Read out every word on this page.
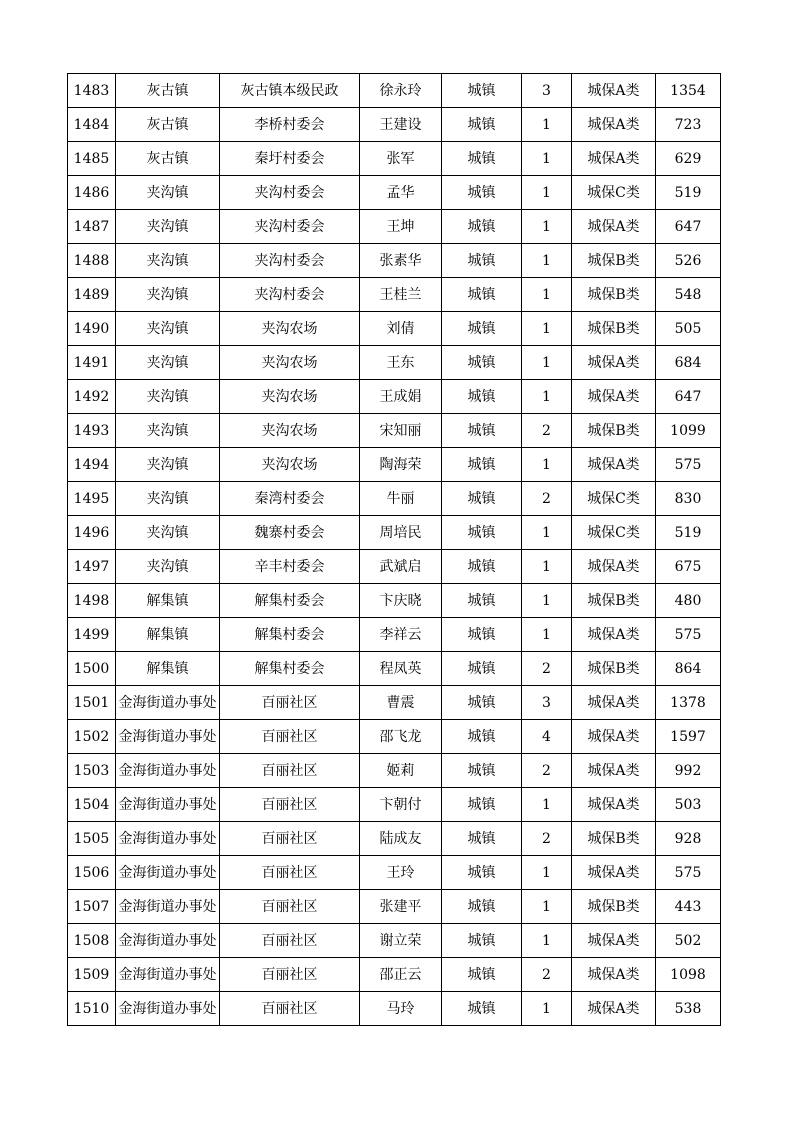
1483	灰古镇	灰古镇本级民政	徐永玲	城镇	3	城保A类	1354
1484	灰古镇	李桥村委会	王建设	城镇	1	城保A类	723
1485	灰古镇	秦圩村委会	张军	城镇	1	城保A类	629
1486	夹沟镇	夹沟村委会	孟华	城镇	1	城保C类	519
1487	夹沟镇	夹沟村委会	王坤	城镇	1	城保A类	647
1488	夹沟镇	夹沟村委会	张素华	城镇	1	城保B类	526
1489	夹沟镇	夹沟村委会	王桂兰	城镇	1	城保B类	548
1490	夹沟镇	夹沟农场	刘倩	城镇	1	城保B类	505
1491	夹沟镇	夹沟农场	王东	城镇	1	城保A类	684
1492	夹沟镇	夹沟农场	王成娟	城镇	1	城保A类	647
1493	夹沟镇	夹沟农场	宋知丽	城镇	2	城保B类	1099
1494	夹沟镇	夹沟农场	陶海荣	城镇	1	城保A类	575
1495	夹沟镇	秦湾村委会	牛丽	城镇	2	城保C类	830
1496	夹沟镇	魏寨村委会	周培民	城镇	1	城保C类	519
1497	夹沟镇	辛丰村委会	武斌启	城镇	1	城保A类	675
1498	解集镇	解集村委会	卞庆晓	城镇	1	城保B类	480
1499	解集镇	解集村委会	李祥云	城镇	1	城保A类	575
1500	解集镇	解集村委会	程凤英	城镇	2	城保B类	864
1501	金海街道办事处	百丽社区	曹震	城镇	3	城保A类	1378
1502	金海街道办事处	百丽社区	邵飞龙	城镇	4	城保A类	1597
1503	金海街道办事处	百丽社区	姬莉	城镇	2	城保A类	992
1504	金海街道办事处	百丽社区	卞朝付	城镇	1	城保A类	503
1505	金海街道办事处	百丽社区	陆成友	城镇	2	城保B类	928
1506	金海街道办事处	百丽社区	王玲	城镇	1	城保A类	575
1507	金海街道办事处	百丽社区	张建平	城镇	1	城保B类	443
1508	金海街道办事处	百丽社区	谢立荣	城镇	1	城保A类	502
1509	金海街道办事处	百丽社区	邵正云	城镇	2	城保A类	1098
1510	金海街道办事处	百丽社区	马玲	城镇	1	城保A类	538
